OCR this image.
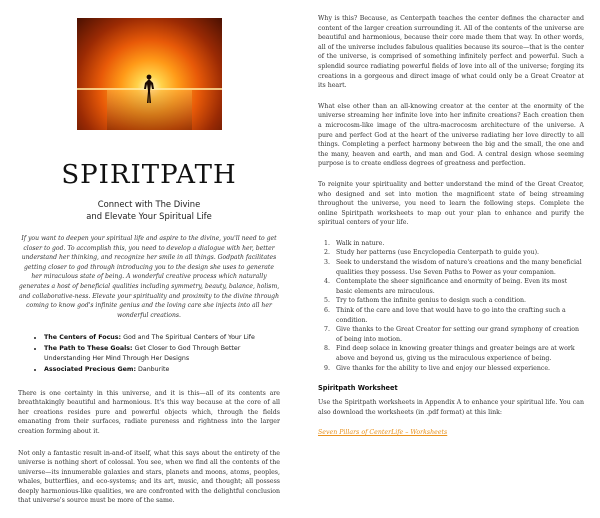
SPIRITPATH
Connect with The Divine
and Elevate Your Spiritual Life

If you want to deepen your spiritual life and aspire to the divine, you'll need to get closer to god. To accomplish this, you need to develop a dialogue with her, better understand her thinking, and recognize her smile in all things. Godpath facilitates getting closer to god through introducing you to the design she uses to generate her miraculous state of being. A wonderful creative process which naturally generates a host of beneficial qualities including symmetry, beauty, balance, holism, and collaborative-ness. Elevate your spirituality and proximity to the divine through coming to know god's infinite genius and the loving care she injects into all her wonderful creations.

• The Centers of Focus: God and The Spiritual Centers of Your Life
• The Path to These Goals: Get Closer to God Through Better Understanding Her Mind Through Her Designs
• Associated Precious Gem: Danburite

There is one certainty in this universe, and it is this—all of its contents are breathtakingly beautiful and harmonious. It's this way because at the core of all her creations resides pure and powerful objects which, through the fields emanating from their surfaces, radiate pureness and rightness into the larger creation forming about it.

Not only a fantastic result in-and-of itself, what this says about the entirety of the universe is nothing short of colossal. You see, when we find all the contents of the universe—its innumerable galaxies and stars, planets and moons, atoms, peoples, whales, butterflies, and eco-systems; and its art, music, and thought; all possess deeply harmonious-like qualities, we are confronted with the delightful conclusion that universe's source must be more of the same.

Why is this? Because, as Centerpath teaches the center defines the character and content of the larger creation surrounding it. All of the contents of the universe are beautiful and harmonious, because their core made them that way. In other words, all of the universe includes fabulous qualities because its source—that is the center of the universe, is comprised of something infinitely perfect and powerful. Such a splendid source radiating powerful fields of love into all of the universe; forging its creations in a gorgeous and direct image of what could only be a Great Creator at its heart.

What else other than an all-knowing creator at the center at the enormity of the universe streaming her infinite love into her infinite creations? Each creation then a microcosm-like image of the ultra-macrocosm architecture of the universe. A pure and perfect God at the heart of the universe radiating her love directly to all things. Completing a perfect harmony between the big and the small, the one and the many, heaven and earth, and man and God. A central design whose seeming purpose is to create endless degrees of greatness and perfection.

To reignite your spirituality and better understand the mind of the Great Creator, who designed and set into motion the magnificent state of being streaming throughout the universe, you need to learn the following steps. Complete the online Spiritpath worksheets to map out your plan to enhance and purify the spiritual centers of your life.

1. Walk in nature.
2. Study her patterns (use Encyclopedia Centerpath to guide you).
3. Seek to understand the wisdom of nature's creations and the many beneficial qualities they possess. Use Seven Paths to Power as your companion.
4. Contemplate the sheer significance and enormity of being. Even its most basic elements are miraculous.
5. Try to fathom the infinite genius to design such a condition.
6. Think of the care and love that would have to go into the crafting such a condition.
7. Give thanks to the Great Creator for setting our grand symphony of creation of being into motion.
8. Find deep solace in knowing greater things and greater beings are at work above and beyond us, giving us the miraculous experience of being.
9. Give thanks for the ability to live and enjoy our blessed experience.
Spiritpath Worksheet

Use the Spiritpath worksheets in Appendix A to enhance your spiritual life. You can also download the worksheets (in .pdf format) at this link:

Seven Pillars of CenterLife – Worksheets
